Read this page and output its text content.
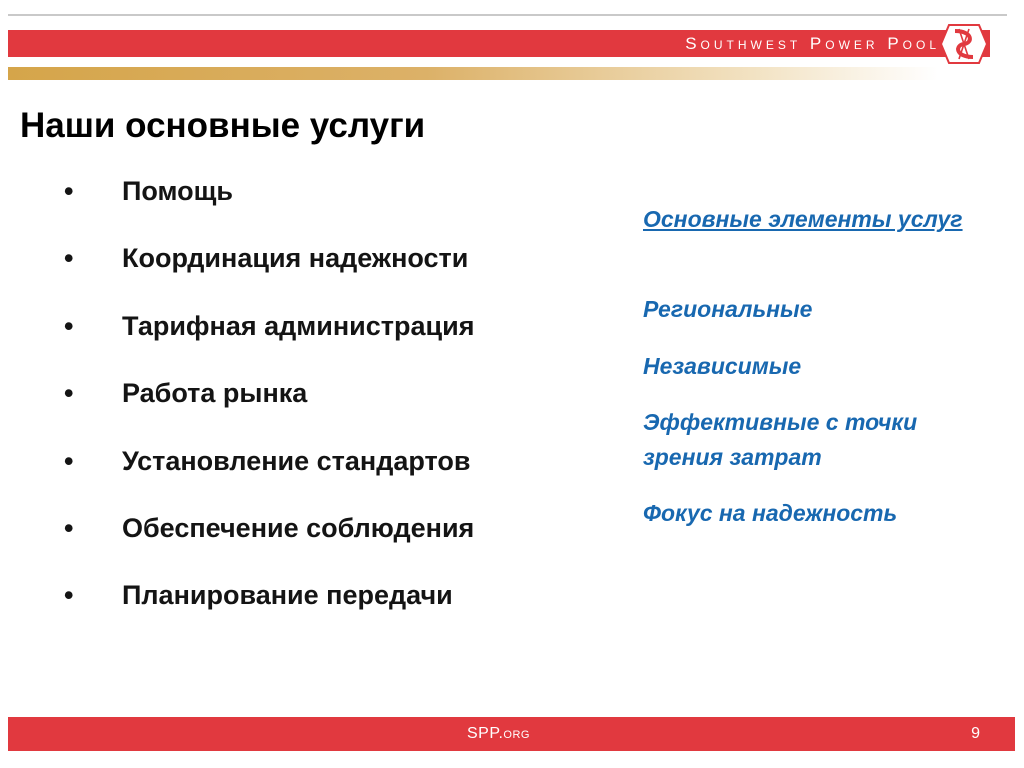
Southwest Power Pool
Наши основные услуги
•	Помощь
•	Координация надежности
•	Тарифная администрация
•	Работа рынка
•	Установление стандартов
•	Обеспечение соблюдения
•	Планирование передачи
Основные элементы услуг
Региональные
Независимые
Эффективные с точки зрения затрат
Фокус на надежность
SPP.org	9
